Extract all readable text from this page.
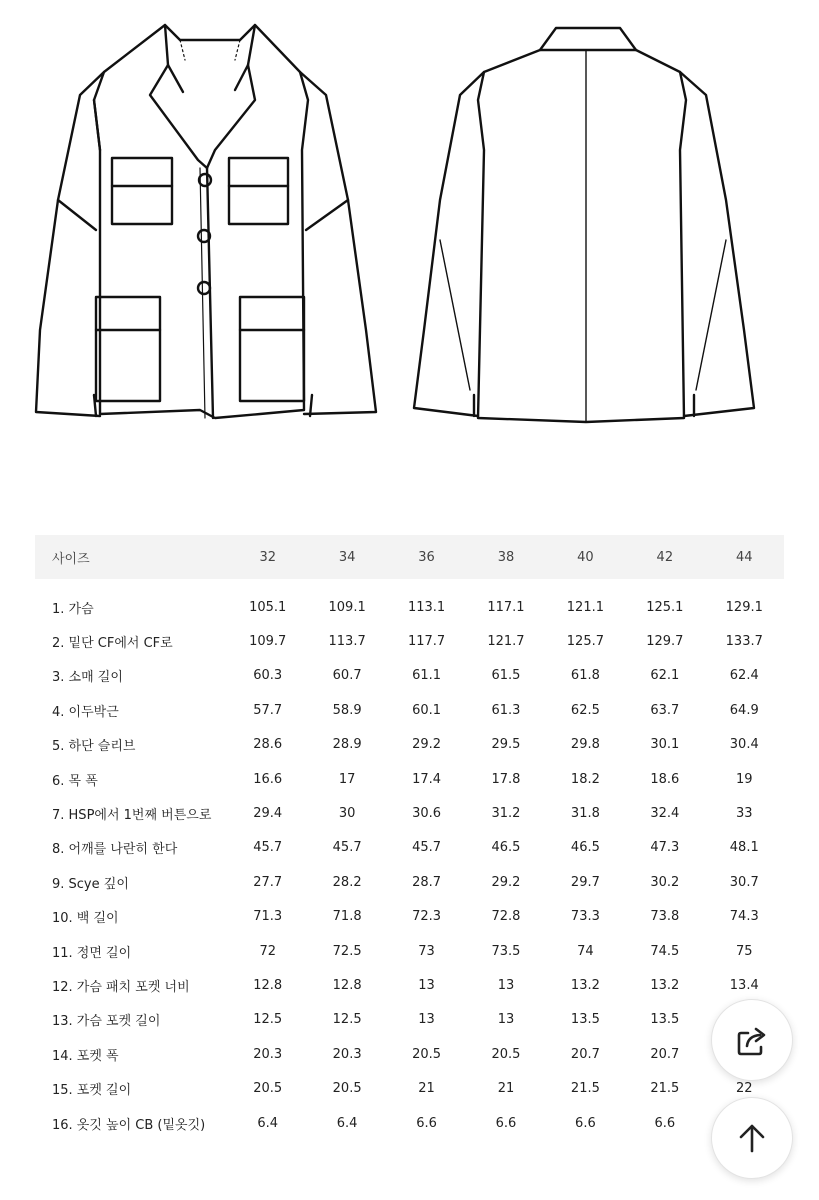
사이즈	32	34	36	38	40	42	44

1. 가슴	105.1	109.1	113.1	117.1	121.1	125.1	129.1
2. 밑단 CF에서 CF로	109.7	113.7	117.7	121.7	125.7	129.7	133.7
3. 소매 길이	60.3	60.7	61.1	61.5	61.8	62.1	62.4
4. 이두박근	57.7	58.9	60.1	61.3	62.5	63.7	64.9
5. 하단 슬리브	28.6	28.9	29.2	29.5	29.8	30.1	30.4
6. 목 폭	16.6	17	17.4	17.8	18.2	18.6	19
7. HSP에서 1번째 버튼으로	29.4	30	30.6	31.2	31.8	32.4	33
8. 어깨를 나란히 한다	45.7	45.7	45.7	46.5	46.5	47.3	48.1
9. Scye 깊이	27.7	28.2	28.7	29.2	29.7	30.2	30.7
10. 백 길이	71.3	71.8	72.3	72.8	73.3	73.8	74.3
11. 정면 길이	72	72.5	73	73.5	74	74.5	75
12. 가슴 패치 포켓 너비	12.8	12.8	13	13	13.2	13.2	13.4
13. 가슴 포켓 길이	12.5	12.5	13	13	13.5	13.5	
14. 포켓 폭	20.3	20.3	20.5	20.5	20.7	20.7	
15. 포켓 길이	20.5	20.5	21	21	21.5	21.5	22
16. 옷깃 높이 CB (밑옷깃)	6.4	6.4	6.6	6.6	6.6	6.6	
